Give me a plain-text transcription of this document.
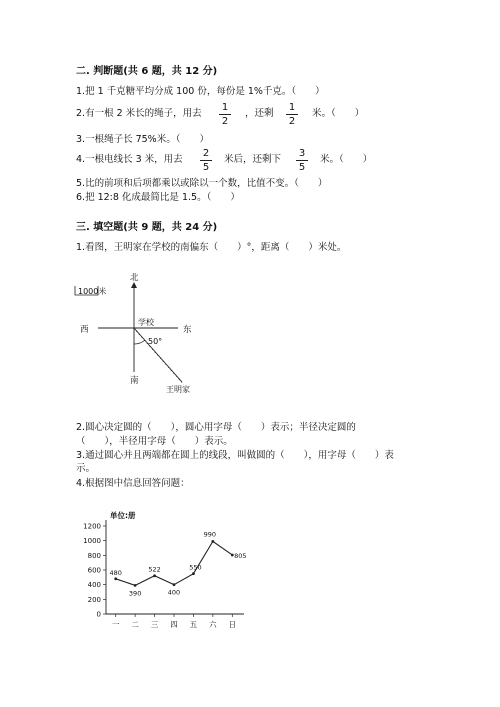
二. 判断题(共 6 题，共 12 分)
1.把 1 千克糖平均分成 100 份，每份是 1%千克。（　　）
2.有一根 2 米长的绳子，用去
1
2
，还剩
1
2
米。（　　）
3.一根绳子长 75%米。（　　）
4.一根电线长 3 米，用去
2
5
米后，还剩下
3
5
米。（　　）
5.比的前项和后项都乘以或除以一个数，比值不变。（　　）
6.把 12:8 化成最简比是 1.5。（　　）
三. 填空题(共 9 题，共 24 分)
1.看图，王明家在学校的南偏东（　　）°，距离（　　）米处。
1000米
北
西	东
南
学校
50°
王明家
2.圆心决定圆的（　　），圆心用字母（　　）表示；半径决定圆的
（　　），半径用字母（　　）表示。
3.通过圆心并且两端都在圆上的线段，叫做圆的（　　），用字母（　　）表
示。
4.根据图中信息回答问题：
单位:册
0
200
400
600
800
1000
1200
一 二 三 四 五 六 日
480
390
522
400
550
990
805
